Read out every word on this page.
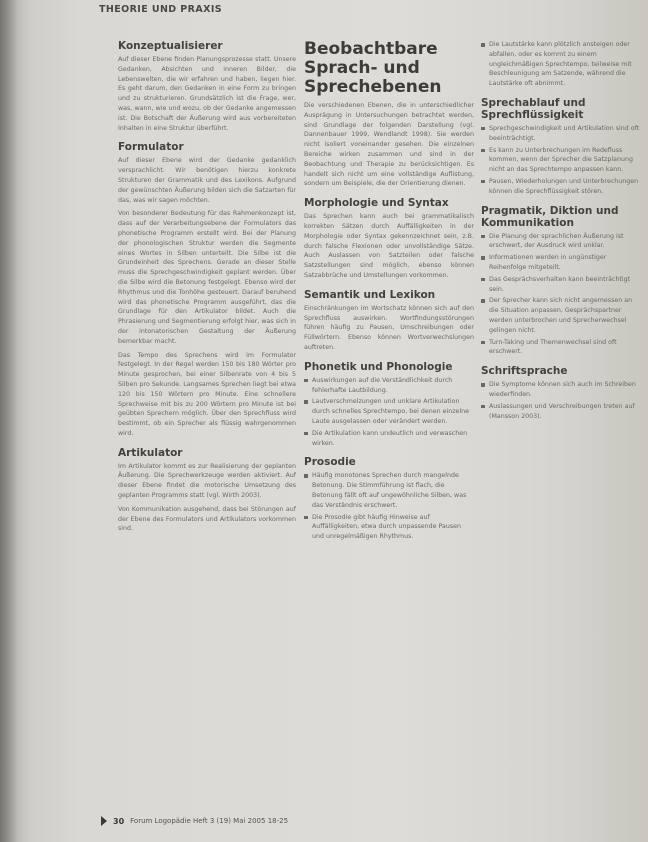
THEORIE UND PRAXIS
Konzeptualisierer

Auf dieser Ebene finden Planungsprozesse statt. Unsere Gedanken, Absichten und inneren Bilder, die Lebenswelten, die wir erfahren und haben, liegen hier. Es geht darum, den Gedanken in eine Form zu bringen und zu strukturieren. Grundsätzlich ist die Frage, wer, was, wann, wie und wozu, ob der Gedanke angemessen ist. Die Botschaft der Äußerung wird aus vorbereiteten Inhalten in eine Struktur überführt.

Formulator

Auf dieser Ebene wird der Gedanke gedanklich versprachlicht. Wir benötigen hierzu konkrete Strukturen der Grammatik und des Lexikons. Aufgrund der gewünschten Äußerung bilden sich die Satzarten für das, was wir sagen möchten.

Von besonderer Bedeutung für das Rahmenkonzept ist, dass auf der Verarbeitungsebene der Formulators das phonetische Programm erstellt wird. Bei der Planung der phonologischen Struktur werden die Segmente eines Wortes in Silben unterteilt. Die Silbe ist die Grundeinheit des Sprechens. Gerade an dieser Stelle muss die Sprechgeschwindigkeit geplant werden. Über die Silbe wird die Betonung festgelegt. Ebenso wird der Rhythmus und die Tonhöhe gesteuert. Darauf beruhend wird das phonetische Programm ausgeführt, das die Grundlage für den Artikulator bildet. Auch die Phrasierung und Segmentierung erfolgt hier, was sich in der intonatorischen Gestaltung der Äußerung bemerkbar macht.

Das Tempo des Sprechens wird im Formulator festgelegt. In der Regel werden 150 bis 180 Wörter pro Minute gesprochen, bei einer Silbenrate von 4 bis 5 Silben pro Sekunde. Langsames Sprechen liegt bei etwa 120 bis 150 Wörtern pro Minute. Eine schnellere Sprechweise mit bis zu 200 Wörtern pro Minute ist bei geübten Sprechern möglich. Über den Sprechfluss wird bestimmt, ob ein Sprecher als flüssig wahrgenommen wird.

Artikulator

Im Artikulator kommt es zur Realisierung der geplanten Äußerung. Die Sprechwerkzeuge werden aktiviert. Auf dieser Ebene findet die motorische Umsetzung des geplanten Programms statt (vgl. Wirth 2003).

Von Kommunikation ausgehend, dass bei Störungen auf der Ebene des Formulators und Artikulators vorkommen sind.

Beobachtbare Sprach- und Sprechebenen

Die verschiedenen Ebenen, die in unterschiedlicher Ausprägung in Untersuchungen betrachtet werden, sind Grundlage der folgenden Darstellung (vgl. Dannenbauer 1999, Wendlandt 1998). Sie werden nicht isoliert voneinander gesehen. Die einzelnen Bereiche wirken zusammen und sind in der Beobachtung und Therapie zu berücksichtigen. Es handelt sich nicht um eine vollständige Auflistung, sondern um Beispiele, die der Orientierung dienen.

Morphologie und Syntax

Das Sprechen kann auch bei grammatikalisch korrekten Sätzen durch Auffälligkeiten in der Morphologie oder Syntax gekennzeichnet sein, z.B. durch falsche Flexionen oder unvollständige Sätze. Auch Auslassen von Satzteilen oder falsche Satzstellungen sind möglich, ebenso können Satzabbrüche und Umstellungen vorkommen.

Semantik und Lexikon

Einschränkungen im Wortschatz können sich auf den Sprechfluss auswirken. Wortfindungsstörungen führen häufig zu Pausen, Umschreibungen oder Füllwörtern. Ebenso können Wortverwechslungen auftreten.

Phonetik und Phonologie
Auswirkungen auf die Verständlichkeit durch fehlerhafte Lautbildung.
Lautverschmelzungen und unklare Artikulation durch schnelles Sprechtempo, bei denen einzelne Laute ausgelassen oder verändert werden.
Die Artikulation kann undeutlich und verwaschen wirken.
Prosodie
Häufig monotones Sprechen durch mangelnde Betonung. Die Stimmführung ist flach, die Betonung fällt oft auf ungewöhnliche Silben, was das Verständnis erschwert.
Die Prosodie gibt häufig Hinweise auf Auffälligkeiten, etwa durch unpassende Pausen und unregelmäßigen Rhythmus.
Die Lautstärke kann plötzlich ansteigen oder abfallen, oder es kommt zu einem ungleichmäßigen Sprechtempo, teilweise mit Beschleunigung am Satzende, während die Lautstärke oft abnimmt.
Sprechablauf und Sprechflüssigkeit
Sprechgeschwindigkeit und Artikulation sind oft beeinträchtigt.
Es kann zu Unterbrechungen im Redefluss kommen, wenn der Sprecher die Satzplanung nicht an das Sprechtempo anpassen kann.
Pausen, Wiederholungen und Unterbrechungen können die Sprechflüssigkeit stören.
Pragmatik, Diktion und Kommunikation
Die Planung der sprachlichen Äußerung ist erschwert, der Ausdruck wird unklar.
Informationen werden in ungünstiger Reihenfolge mitgeteilt.
Das Gesprächsverhalten kann beeinträchtigt sein.
Der Sprecher kann sich nicht angemessen an die Situation anpassen, Gesprächspartner werden unterbrochen und Sprecherwechsel gelingen nicht.
Turn-Taking und Themenwechsel sind oft erschwert.
Schriftsprache
Die Symptome können sich auch im Schreiben wiederfinden.
Auslassungen und Verschreibungen treten auf (Mansson 2003).
30 Forum Logopädie Heft 3 (19) Mai 2005 18-25
